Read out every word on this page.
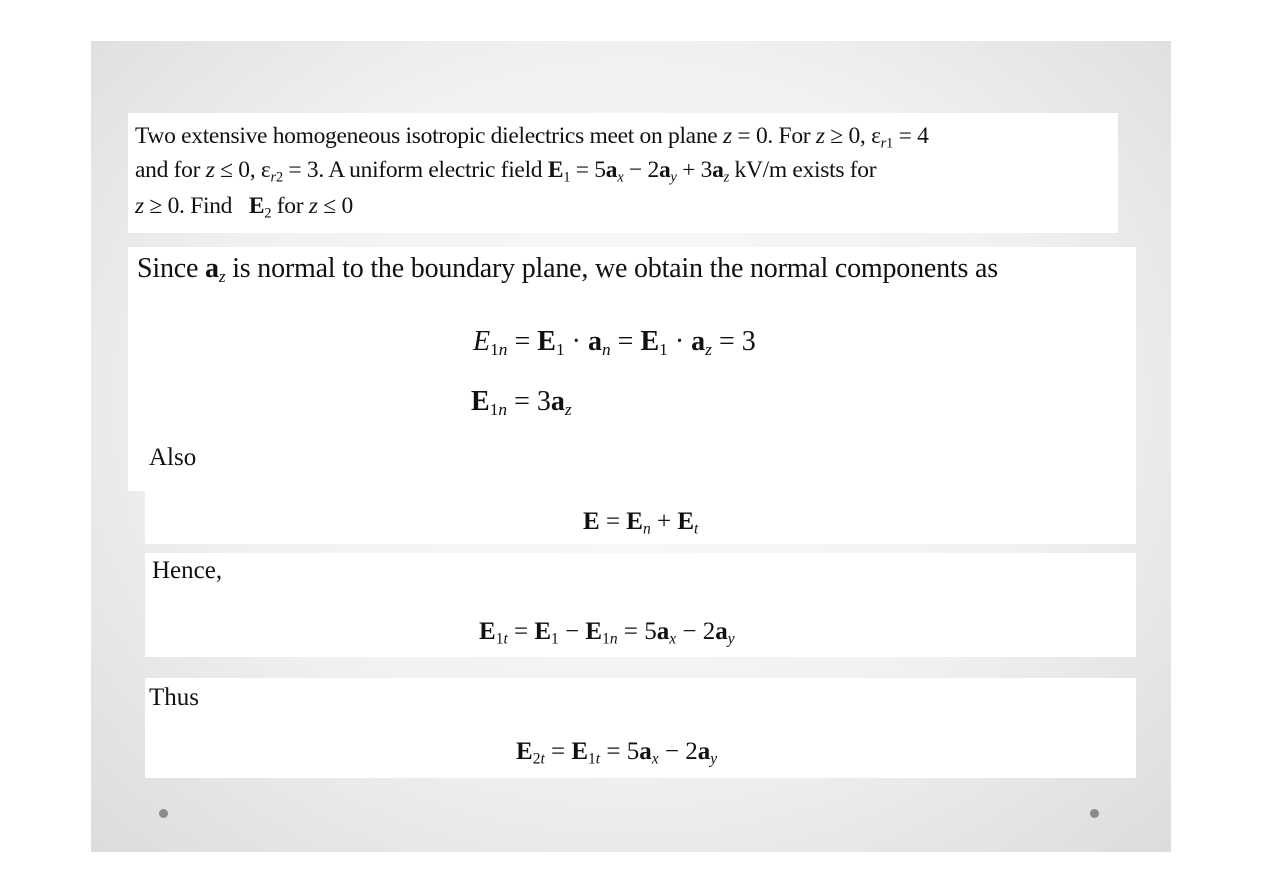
Two extensive homogeneous isotropic dielectrics meet on plane z = 0. For z ≥ 0, $\varepsilon_{r1} = 4$
and for z ≤ 0, $\varepsilon_{r2} = 3$. A uniform electric field $E_1 = 5a_x - 2a_y + 3a_z$ kV/m exists for
z ≥ 0. Find   $E_2$ for z ≤ 0
Since $a_z$ is normal to the boundary plane, we obtain the normal components as
$E_{1n} = E_1 \cdot a_n = E_1 \cdot a_z = 3$
$E_{1n} = 3a_z$
Also
$E = E_n + E_t$
Hence,
$E_{1t} = E_1 - E_{1n} = 5a_x - 2a_y$
Thus
$E_{2t} = E_{1t} = 5a_x - 2a_y$
